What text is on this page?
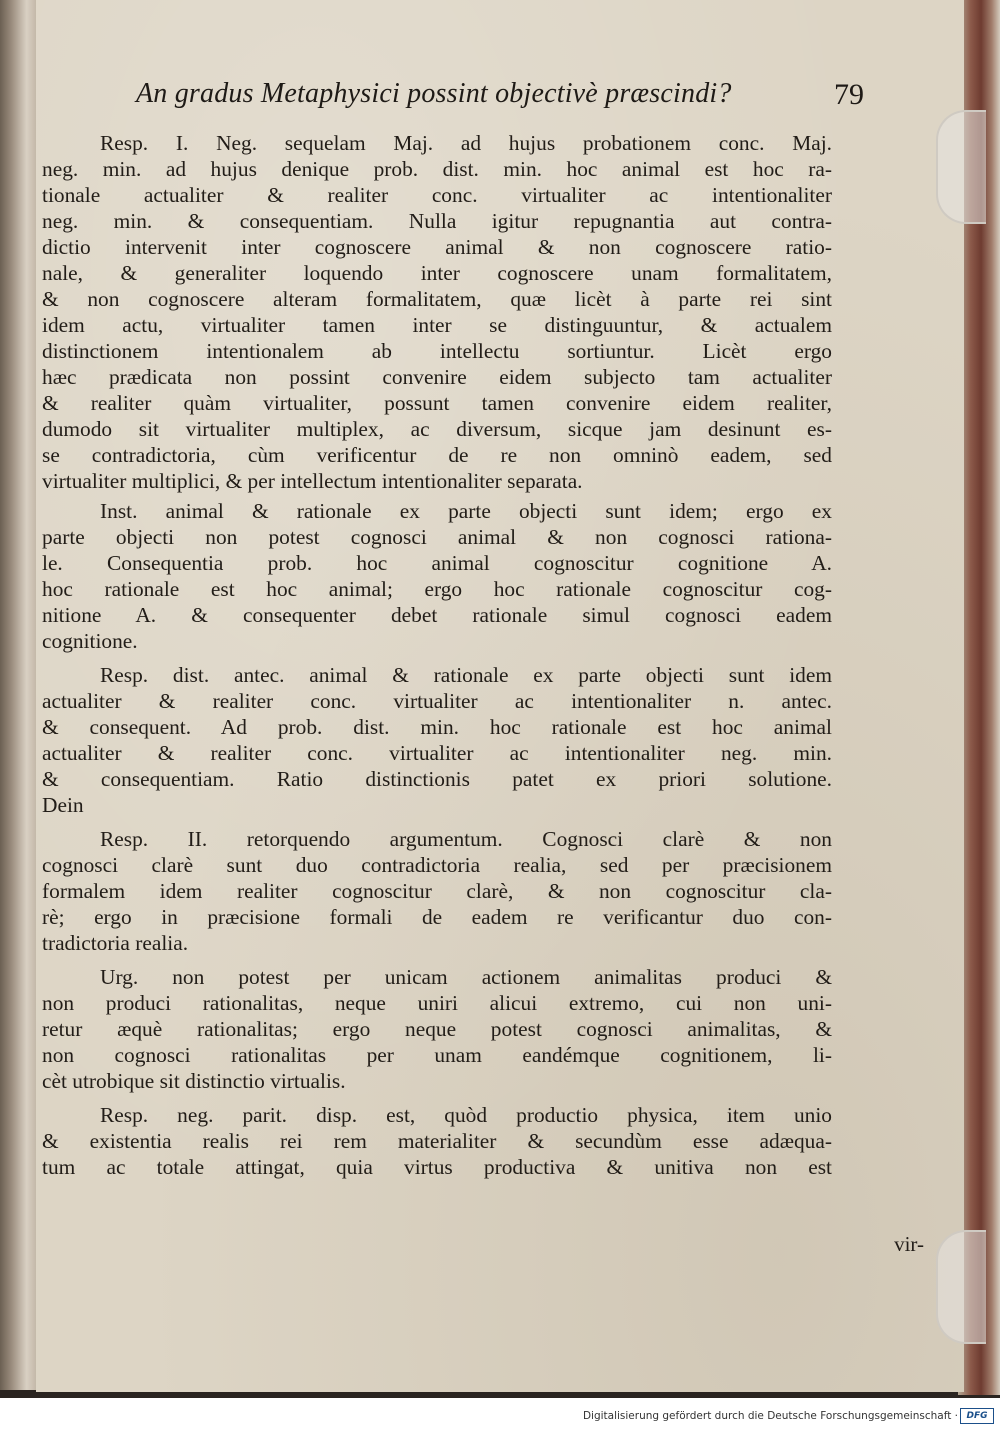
An gradus Metaphysici possint objectivè præscindi?	79
Resp. I. Neg. sequelam Maj. ad hujus probationem conc. Maj.
neg. min. ad hujus denique prob. dist. min. hoc animal est hoc ra-
tionale actualiter & realiter conc. virtualiter ac intentionaliter
neg. min. & consequentiam. Nulla igitur repugnantia aut contra-
dictio intervenit inter cognoscere animal & non cognoscere ratio-
nale, & generaliter loquendo inter cognoscere unam formalitatem,
& non cognoscere alteram formalitatem, quæ licèt à parte rei sint
idem actu, virtualiter tamen inter se distinguuntur, & actualem
distinctionem intentionalem ab intellectu sortiuntur. Licèt ergo
hæc prædicata non possint convenire eidem subjecto tam actualiter
& realiter quàm virtualiter, possunt tamen convenire eidem realiter,
dumodo sit virtualiter multiplex, ac diversum, sicque jam desinunt es-
se contradictoria, cùm verificentur de re non omninò eadem, sed
virtualiter multiplici, & per intellectum intentionaliter separata.
Inst. animal & rationale ex parte objecti sunt idem; ergo ex
parte objecti non potest cognosci animal & non cognosci rationa-
le. Consequentia prob. hoc animal cognoscitur cognitione A.
hoc rationale est hoc animal; ergo hoc rationale cognoscitur cog-
nitione A. & consequenter debet rationale simul cognosci eadem
cognitione.
Resp. dist. antec. animal & rationale ex parte objecti sunt idem
actualiter & realiter conc. virtualiter ac intentionaliter n. antec.
& consequent. Ad prob. dist. min. hoc rationale est hoc animal
actualiter & realiter conc. virtualiter ac intentionaliter neg. min.
& consequentiam. Ratio distinctionis patet ex priori solutione.
Dein
Resp. II. retorquendo argumentum. Cognosci clarè & non
cognosci clarè sunt duo contradictoria realia, sed per præcisionem
formalem idem realiter cognoscitur clarè, & non cognoscitur cla-
rè; ergo in præcisione formali de eadem re verificantur duo con-
tradictoria realia.
Urg. non potest per unicam actionem animalitas produci &
non produci rationalitas, neque uniri alicui extremo, cui non uni-
retur æquè rationalitas; ergo neque potest cognosci animalitas, &
non cognosci rationalitas per unam eandémque cognitionem, li-
cèt utrobique sit distinctio virtualis.
Resp. neg. parit. disp. est, quòd productio physica, item unio
& existentia realis rei rem materialiter & secundùm esse adæqua-
tum ac totale attingat, quia virtus productiva & unitiva non est
vir-
Digitalisierung gefördert durch die Deutsche Forschungsgemeinschaft · DFG
